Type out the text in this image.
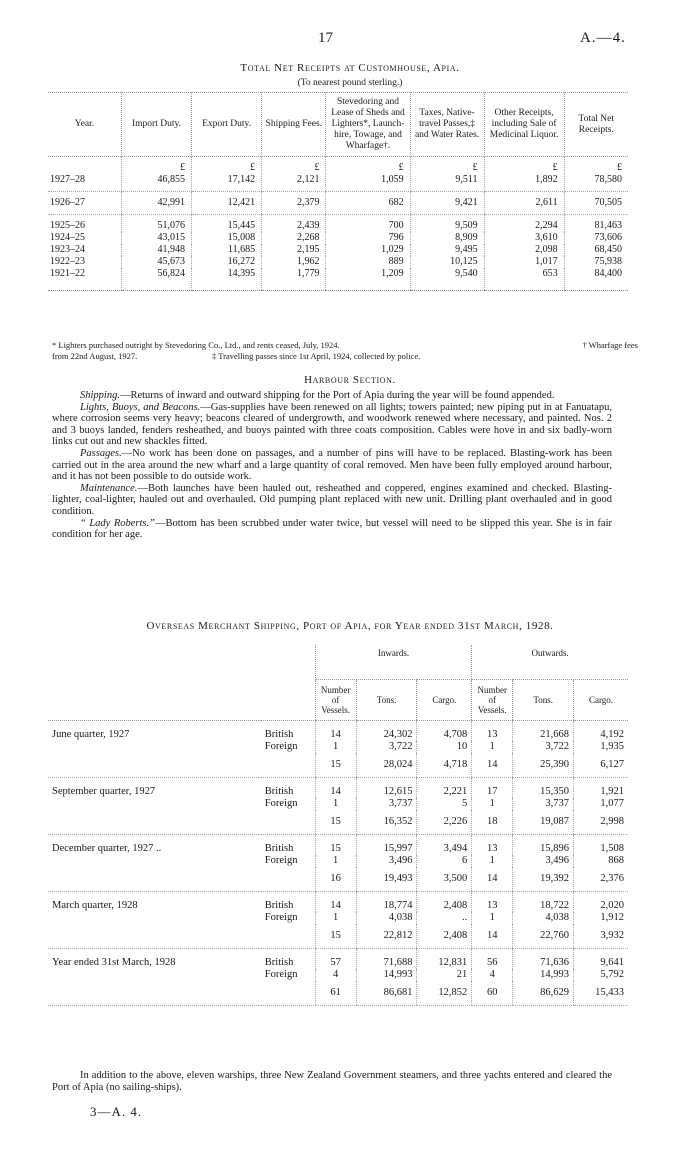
17	A.—4.
Total Net Receipts at Customhouse, Apia.
(To nearest pound sterling.)
Year.	Import Duty.	Export Duty.	Shipping Fees.	Stevedoring and Lease of Sheds and Lighters*, Launch-hire, Towage, and Wharfage†.	Taxes, Native-travel Passes,‡ and Water Rates.	Other Receipts, including Sale of Medicinal Liquor.	Total Net Receipts.
	£	£	£	£	£	£	£
1927–28	46,855	17,142	2,121	1,059	9,511	1,892	78,580
1926–27	42,991	12,421	2,379	682	9,421	2,611	70,505
1925–26	51,076	15,445	2,439	700	9,509	2,294	81,463
1924–25	43,015	15,008	2,268	796	8,909	3,610	73,606
1923–24	41,948	11,685	2,195	1,029	9,495	2,098	68,450
1922–23	45,673	16,272	1,962	889	10,125	1,017	75,938
1921–22	56,824	14,395	1,779	1,209	9,540	653	84,400
* Lighters purchased outright by Stevedoring Co., Ltd., and rents ceased, July, 1924.	† Wharfage fees
from 22nd August, 1927.	‡ Travelling passes since 1st April, 1924, collected by police.
Harbour Section.

Shipping.—Returns of inward and outward shipping for the Port of Apia during the year will be found appended.

Lights, Buoys, and Beacons.—Gas-supplies have been renewed on all lights; towers painted; new piping put in at Fanuatapu, where corrosion seems very heavy; beacons cleared of undergrowth, and woodwork renewed where necessary, and painted. Nos. 2 and 3 buoys landed, fenders resheathed, and buoys painted with three coats composition. Cables were hove in and six badly-worn links cut out and new shackles fitted.

Passages.—No work has been done on passages, and a number of pins will have to be replaced. Blasting-work has been carried out in the area around the new wharf and a large quantity of coral removed. Men have been fully employed around harbour, and it has not been possible to do outside work.

Maintenance.—Both launches have been hauled out, resheathed and coppered, engines examined and checked. Blasting-lighter, coal-lighter, hauled out and overhauled. Old pumping plant replaced with new unit. Drilling plant overhauled and in good condition.

“ Lady Roberts.”—Bottom has been scrubbed under water twice, but vessel will need to be slipped this year. She is in fair condition for her age.

Overseas Merchant Shipping, Port of Apia, for Year ended 31st March, 1928.
		Inwards.			Outwards.		
		Number of Vessels.	Tons.	Cargo.	Number of Vessels.	Tons.	Cargo.
June quarter, 1927	British	14	24,302	4,708	13	21,668	4,192
	Foreign	1	3,722	10	1	3,722	1,935
		15	28,024	4,718	14	25,390	6,127
September quarter, 1927	British	14	12,615	2,221	17	15,350	1,921
	Foreign	1	3,737	5	1	3,737	1,077
		15	16,352	2,226	18	19,087	2,998
December quarter, 1927 ..	British	15	15,997	3,494	13	15,896	1,508
	Foreign	1	3,496	6	1	3,496	868
		16	19,493	3,500	14	19,392	2,376
March quarter, 1928	British	14	18,774	2,408	13	18,722	2,020
	Foreign	1	4,038	..	1	4,038	1,912
		15	22,812	2,408	14	22,760	3,932
Year ended 31st March, 1928	British	57	71,688	12,831	56	71,636	9,641
	Foreign	4	14,993	21	4	14,993	5,792
		61	86,681	12,852	60	86,629	15,433

In addition to the above, eleven warships, three New Zealand Government steamers, and three yachts entered and cleared the Port of Apia (no sailing-ships).

3—A. 4.
